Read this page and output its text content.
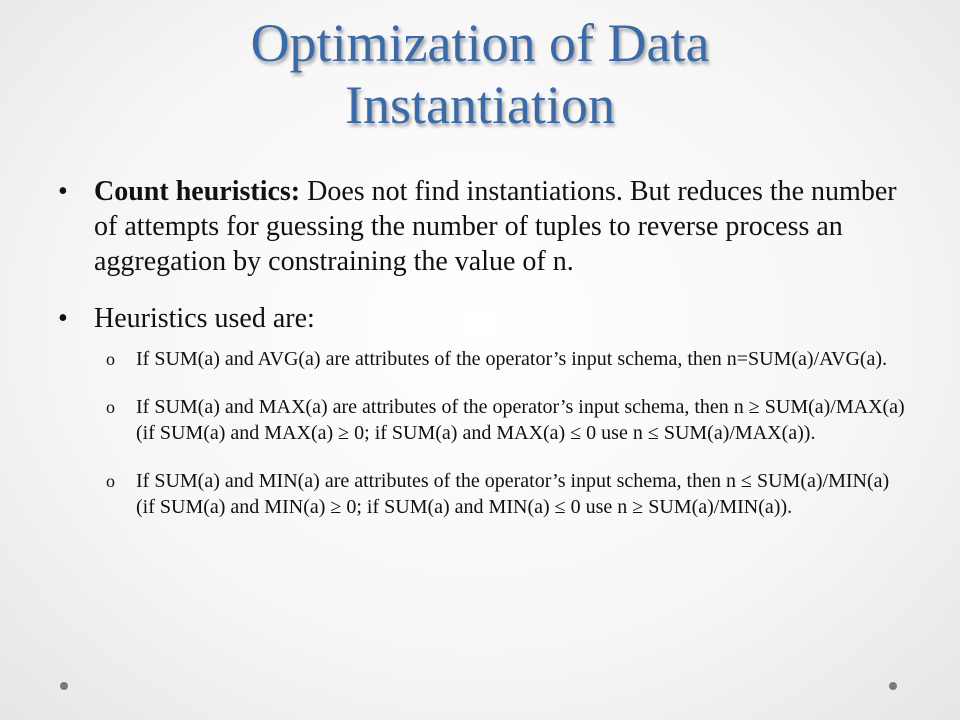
Optimization of Data
Instantiation
• Count heuristics: Does not find instantiations. But reduces the number of attempts for guessing the number of tuples to reverse process an aggregation by constraining the value of n.
• Heuristics used are:
o If SUM(a) and AVG(a) are attributes of the operator’s input schema, then n=SUM(a)/AVG(a).
o If SUM(a) and MAX(a) are attributes of the operator’s input schema, then n ≥ SUM(a)/MAX(a) (if SUM(a) and MAX(a) ≥ 0; if SUM(a) and MAX(a) ≤ 0 use n ≤ SUM(a)/MAX(a)).
o If SUM(a) and MIN(a) are attributes of the operator’s input schema, then n ≤ SUM(a)/MIN(a) (if SUM(a) and MIN(a) ≥ 0; if SUM(a) and MIN(a) ≤ 0 use n ≥ SUM(a)/MIN(a)).
